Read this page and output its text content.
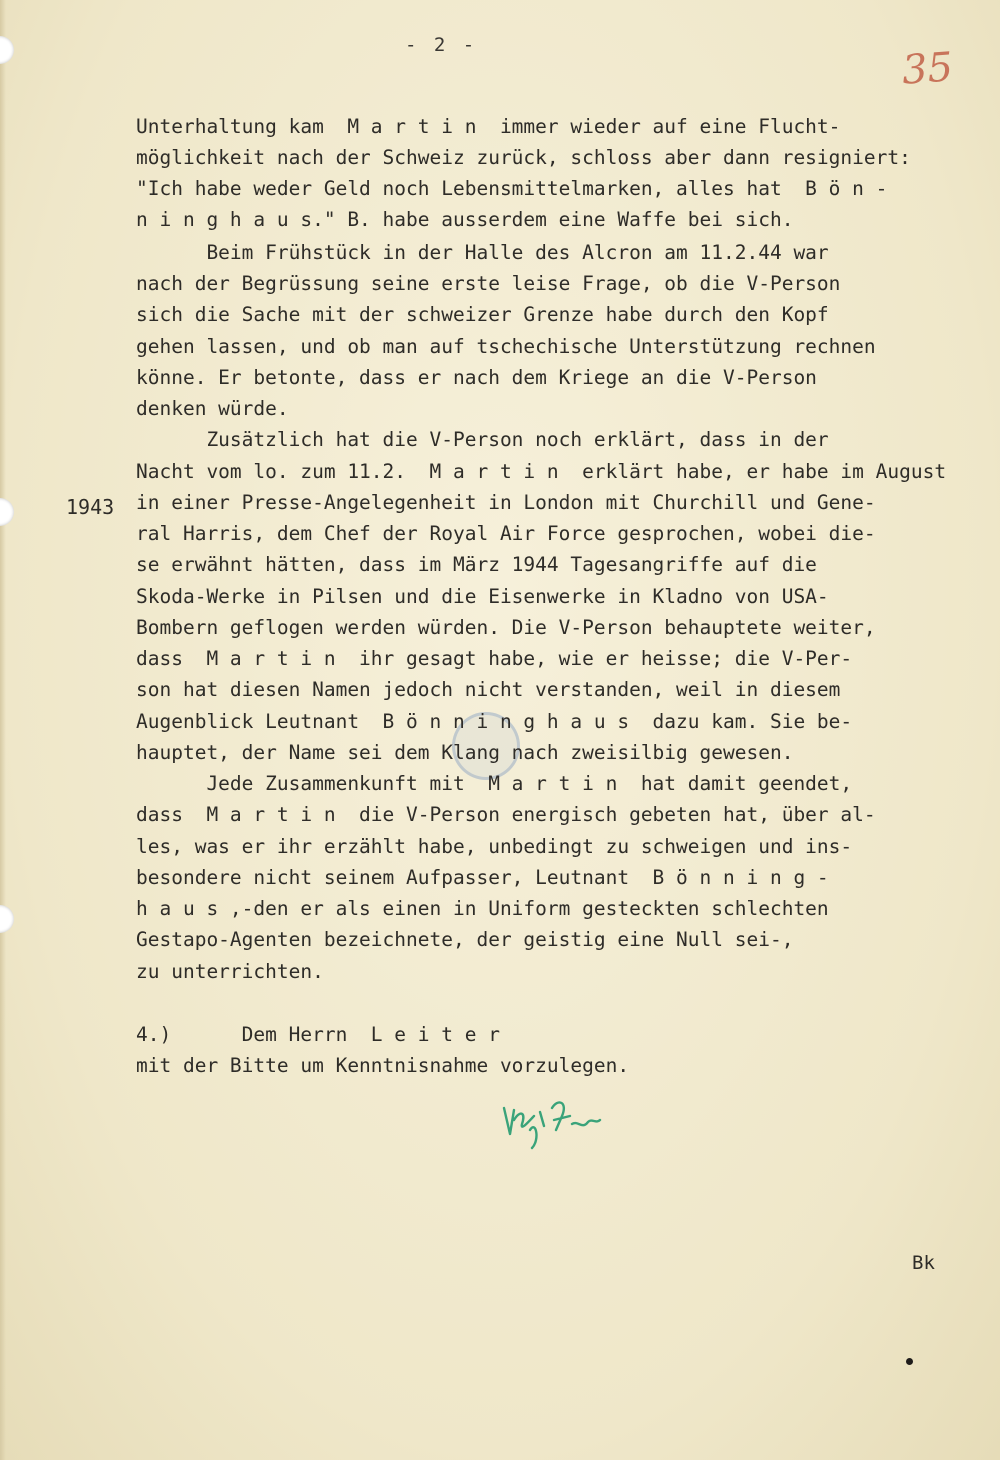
- 2 -	35
1943
Unterhaltung kam  M a r t i n  immer wieder auf eine Flucht-
möglichkeit nach der Schweiz zurück, schloss aber dann resigniert:
"Ich habe weder Geld noch Lebensmittelmarken, alles hat  B ö n -
n i n g h a u s." B. habe ausserdem eine Waffe bei sich.
Beim Frühstück in der Halle des Alcron am 11.2.44 war
nach der Begrüssung seine erste leise Frage, ob die V-Person
sich die Sache mit der schweizer Grenze habe durch den Kopf
gehen lassen, und ob man auf tschechische Unterstützung rechnen
könne. Er betonte, dass er nach dem Kriege an die V-Person
denken würde.
Zusätzlich hat die V-Person noch erklärt, dass in der
Nacht vom lo. zum 11.2.  M a r t i n  erklärt habe, er habe im August
in einer Presse-Angelegenheit in London mit Churchill und Gene-
ral Harris, dem Chef der Royal Air Force gesprochen, wobei die-
se erwähnt hätten, dass im März 1944 Tagesangriffe auf die
Skoda-Werke in Pilsen und die Eisenwerke in Kladno von USA-
Bombern geflogen werden würden. Die V-Person behauptete weiter,
dass  M a r t i n  ihr gesagt habe, wie er heisse; die V-Per-
son hat diesen Namen jedoch nicht verstanden, weil in diesem
Augenblick Leutnant  B ö n n i n g h a u s  dazu kam. Sie be-
hauptet, der Name sei dem Klang nach zweisilbig gewesen.
Jede Zusammenkunft mit  M a r t i n  hat damit geendet,
dass  M a r t i n  die V-Person energisch gebeten hat, über al-
les, was er ihr erzählt habe, unbedingt zu schweigen und ins-
besondere nicht seinem Aufpasser, Leutnant  B ö n n i n g -
h a u s ,-den er als einen in Uniform gesteckten schlechten
Gestapo-Agenten bezeichnete, der geistig eine Null sei-,
zu unterrichten.
4.)      Dem Herrn  L e i t e r
mit der Bitte um Kenntnisnahme vorzulegen.
Bk
